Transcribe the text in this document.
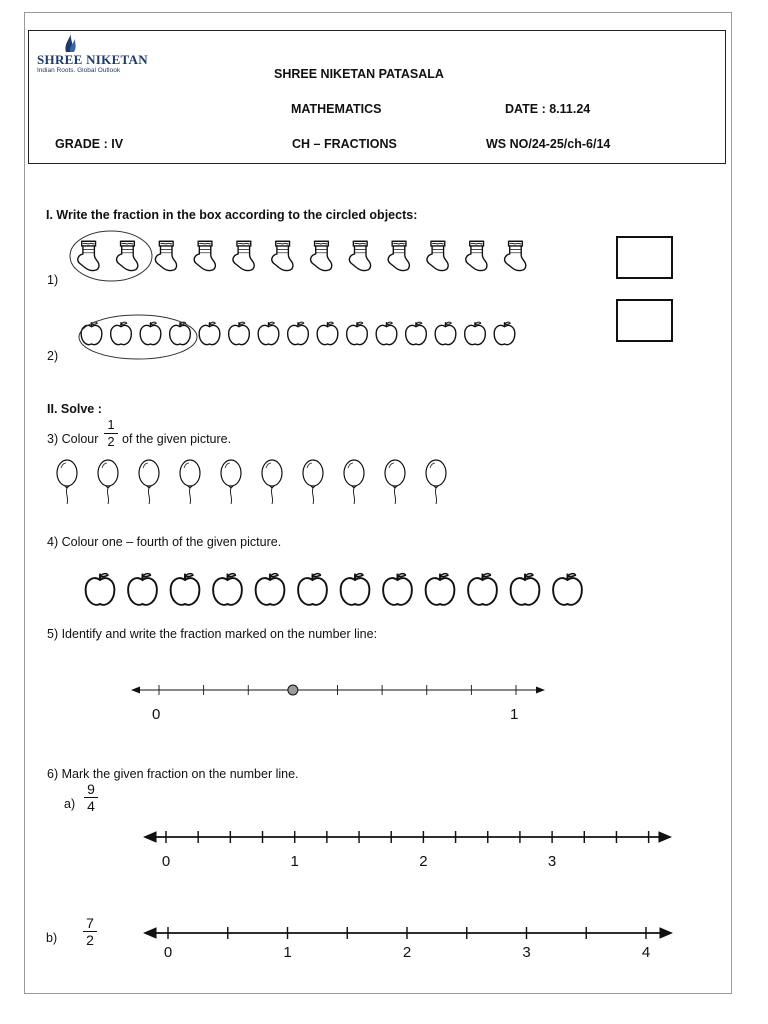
SHREE NIKETAN
Indian Roots. Global Outlook	SHREE NIKETAN PATASALA
MATHEMATICS	DATE : 8.11.24
GRADE : IV	CH – FRACTIONS	WS NO/24-25/ch-6/14
I. Write the fraction in the box according to the circled objects:
1)
2)
0	1	2	3
0	1	2	3	4
II. Solve :
3) Colour
1
2 of the given picture.
4) Colour one – fourth of the given picture.
5) Identify and write the fraction marked on the number line:
0	1
6) Mark the given fraction on the number line.
a)
9
4
b)
7
2
